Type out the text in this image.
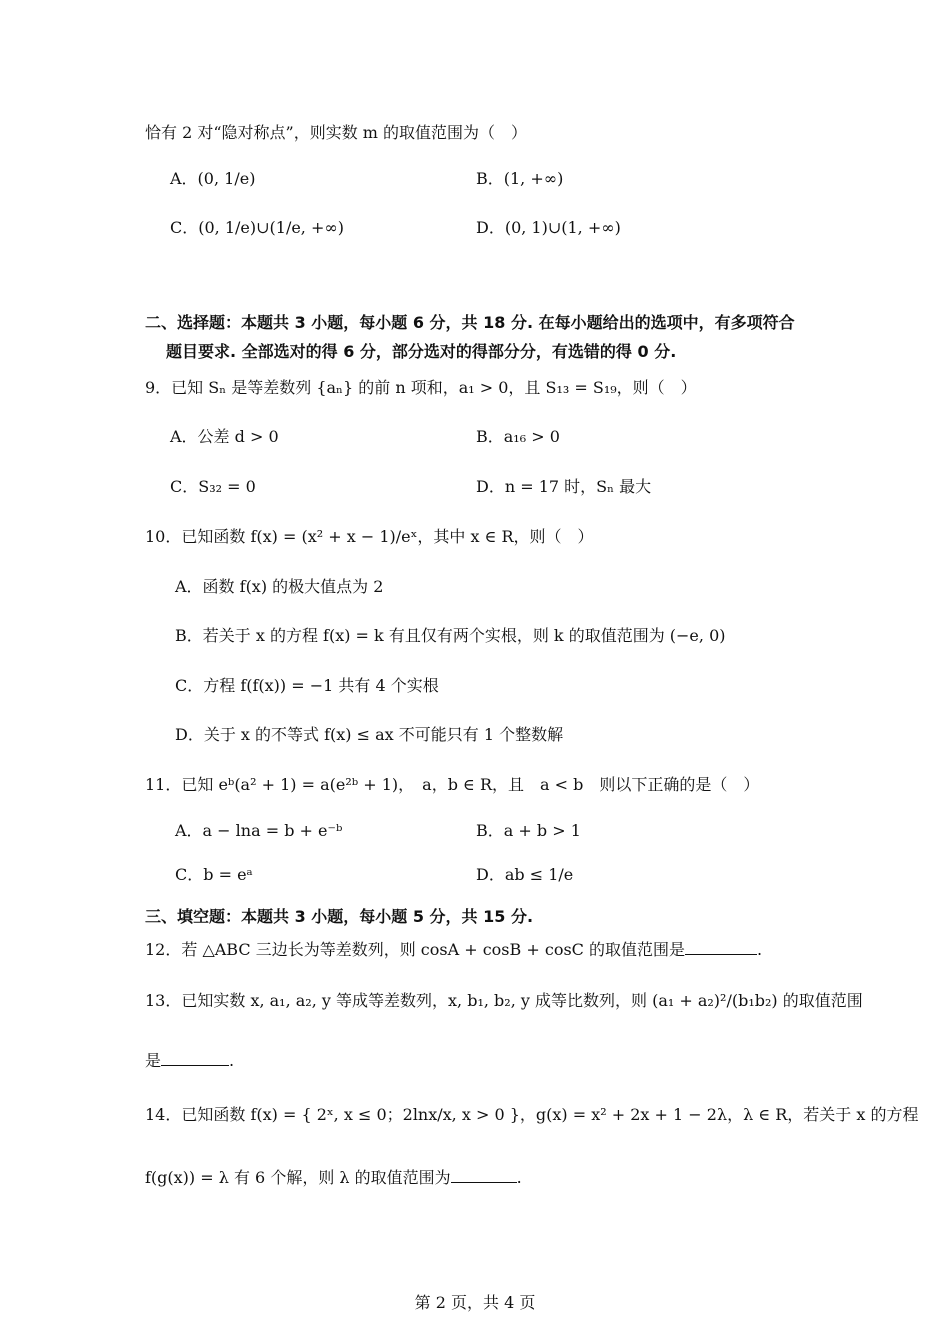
恰有 2 对“隐对称点”，则实数 m 的取值范围为（　）
A．(0, 1/e)	B．(1, +∞)
C．(0, 1/e)∪(1/e, +∞)	D．(0, 1)∪(1, +∞)
二、选择题：本题共 3 小题，每小题 6 分，共 18 分. 在每小题给出的选项中，有多项符合
题目要求. 全部选对的得 6 分，部分选对的得部分分，有选错的得 0 分.
9．已知 Sₙ 是等差数列 {aₙ} 的前 n 项和，a₁ > 0，且 S₁₃ = S₁₉，则（　）
A．公差 d > 0	B．a₁₆ > 0
C．S₃₂ = 0	D．n = 17 时，Sₙ 最大
10．已知函数 f(x) = (x² + x − 1)/eˣ，其中 x ∈ R，则（　）
A．函数 f(x) 的极大值点为 2
B．若关于 x 的方程 f(x) = k 有且仅有两个实根，则 k 的取值范围为 (−e, 0)
C．方程 f(f(x)) = −1 共有 4 个实根
D．关于 x 的不等式 f(x) ≤ ax 不可能只有 1 个整数解
11．已知 eᵇ(a² + 1) = a(e²ᵇ + 1)，　a，b ∈ R，且　a < b　则以下正确的是（　）
A．a − lna = b + e⁻ᵇ	B．a + b > 1
C．b = eᵃ	D．ab ≤ 1/e
三、填空题：本题共 3 小题，每小题 5 分，共 15 分.
12．若 △ABC 三边长为等差数列，则 cosA + cosB + cosC 的取值范围是	.
13．已知实数 x, a₁, a₂, y 等成等差数列，x, b₁, b₂, y 成等比数列，则 (a₁ + a₂)²/(b₁b₂) 的取值范围
是	.
14．已知函数 f(x) = { 2ˣ, x ≤ 0；2lnx/x, x > 0 }，g(x) = x² + 2x + 1 − 2λ，λ ∈ R，若关于 x 的方程
f(g(x)) = λ 有 6 个解，则 λ 的取值范围为	.
第 2 页，共 4 页
